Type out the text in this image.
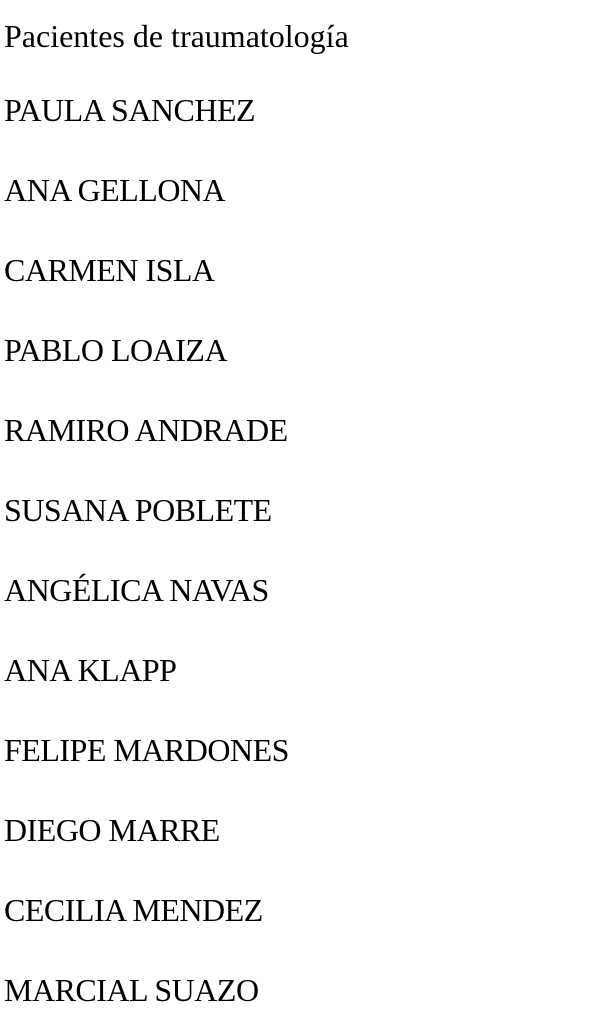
Pacientes de traumatología
PAULA SANCHEZ
ANA GELLONA
CARMEN ISLA
PABLO LOAIZA
RAMIRO ANDRADE
SUSANA POBLETE
ANGÉLICA NAVAS
ANA KLAPP
FELIPE MARDONES
DIEGO MARRE
CECILIA MENDEZ
MARCIAL SUAZO
